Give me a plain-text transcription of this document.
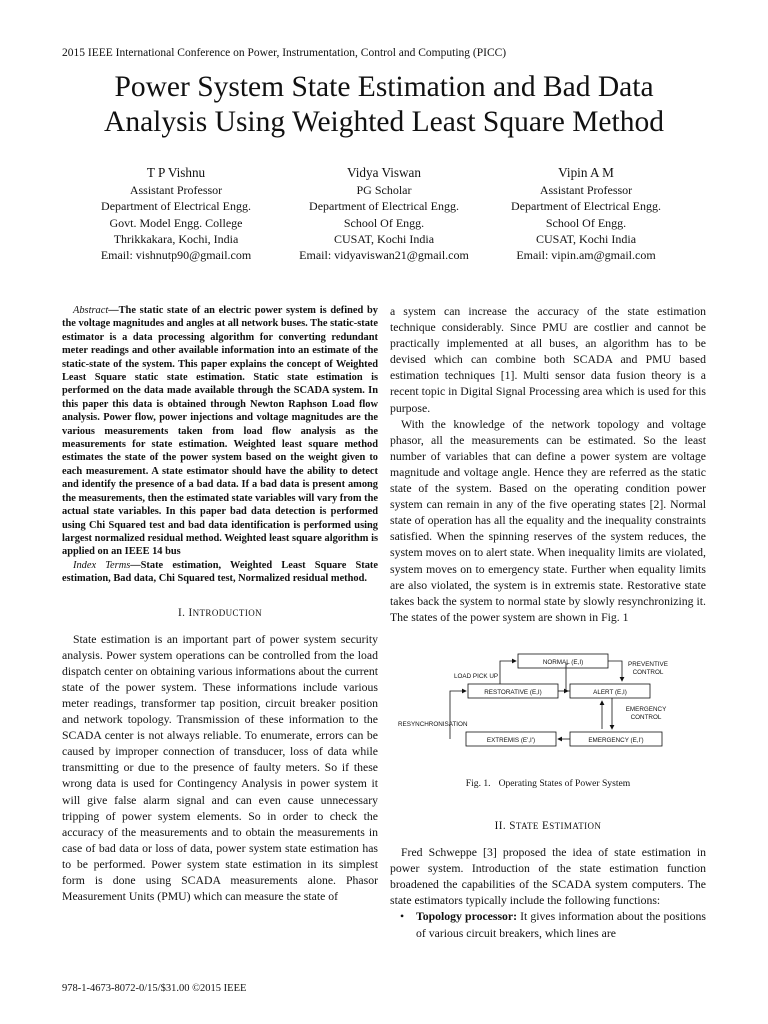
2015 IEEE International Conference on Power, Instrumentation, Control and Computing (PICC)
Power System State Estimation and Bad Data
Analysis Using Weighted Least Square Method
T P Vishnu
Assistant Professor
Department of Electrical Engg.
Govt. Model Engg. College
Thrikkakara, Kochi, India
Email: vishnutp90@gmail.com
Vidya Viswan
PG Scholar
Department of Electrical Engg.
School Of Engg.
CUSAT, Kochi India
Email: vidyaviswan21@gmail.com
Vipin A M
Assistant Professor
Department of Electrical Engg.
School Of Engg.
CUSAT, Kochi India
Email: vipin.am@gmail.com

Abstract—The static state of an electric power system is defined by the voltage magnitudes and angles at all network buses. The static-state estimator is a data processing algorithm for converting redundant meter readings and other available information into an estimate of the static-state of the system. This paper explains the concept of Weighted Least Square static state estimation. Static state estimation is performed on the data made available through the SCADA system. In this paper this data is obtained through Newton Raphson Load flow analysis. Power flow, power injections and voltage magnitudes are the various measurements taken from load flow analysis as the measurements for state estimation. Weighted least square method estimates the state of the power system based on the weight given to each measurement. A state estimator should have the ability to detect and identify the presence of a bad data. If a bad data is present among the measurements, then the estimated state variables will vary from the actual state variables. In this paper bad data detection is performed using Chi Squared test and bad data identification is performed using largest normalized residual method. Weighted least square algorithm is applied on an IEEE 14 bus

Index Terms—State estimation, Weighted Least Square State estimation, Bad data, Chi Squared test, Normalized residual method.

I. INTRODUCTION

State estimation is an important part of power system security analysis. Power system operations can be controlled from the load dispatch center on obtaining various informations about the current state of the power system. These informations include various meter readings, transformer tap position, circuit breaker position and network topology. Transmission of these information to the SCADA center is not always reliable. To enumerate, errors can be caused by improper connection of transducer, loss of data while transmitting or due to the presence of faulty meters. So if these wrong data is used for Contingency Analysis in power system it will give false alarm signal and can even cause unnecessary tripping of power system elements. So in order to check the accuracy of the measurements and to obtain the measurements in case of bad data or loss of data, power system state estimation has to be performed. Power system state estimation in its simplest form is done using SCADA measurements alone. Phasor Measurement Units (PMU) which can measure the state of

a system can increase the accuracy of the state estimation technique considerably. Since PMU are costlier and cannot be practically implemented at all buses, an algorithm has to be devised which can combine both SCADA and PMU based estimation techniques [1]. Multi sensor data fusion theory is a recent topic in Digital Signal Processing area which is used for this purpose.

With the knowledge of the network topology and voltage phasor, all the measurements can be estimated. So the least number of variables that can define a power system are voltage magnitude and voltage angle. Hence they are referred as the static state of the system. Based on the operating condition power system can remain in any of the five operating states [2]. Normal state of operation has all the equality and the inequality constraints satisfied. When the spinning reserves of the system reduces, the system moves on to alert state. When inequality limits are violated, system moves on to emergency state. Further when equality limits are also violated, the system is in extremis state. Restorative state takes back the system to normal state by slowly resynchronizing it. The states of the power system are shown in Fig. 1

NORMAL (E,I)
RESTORATIVE (E,I)	ALERT (E,I)
EXTREMIS (E',I')	EMERGENCY (E,I')
LOAD PICK UP
PREVENTIVE
CONTROL
EMERGENCY
CONTROL
RESYNCHRONISATION
Fig. 1. Operating States of Power System
II. STATE ESTIMATION

Fred Schweppe [3] proposed the idea of state estimation in power system. Introduction of the state estimation function broadened the capabilities of the SCADA system computers. The state estimators typically include the following functions:

• Topology processor: It gives information about the positions of various circuit breakers, which lines are

978-1-4673-8072-0/15/$31.00 ©2015 IEEE
